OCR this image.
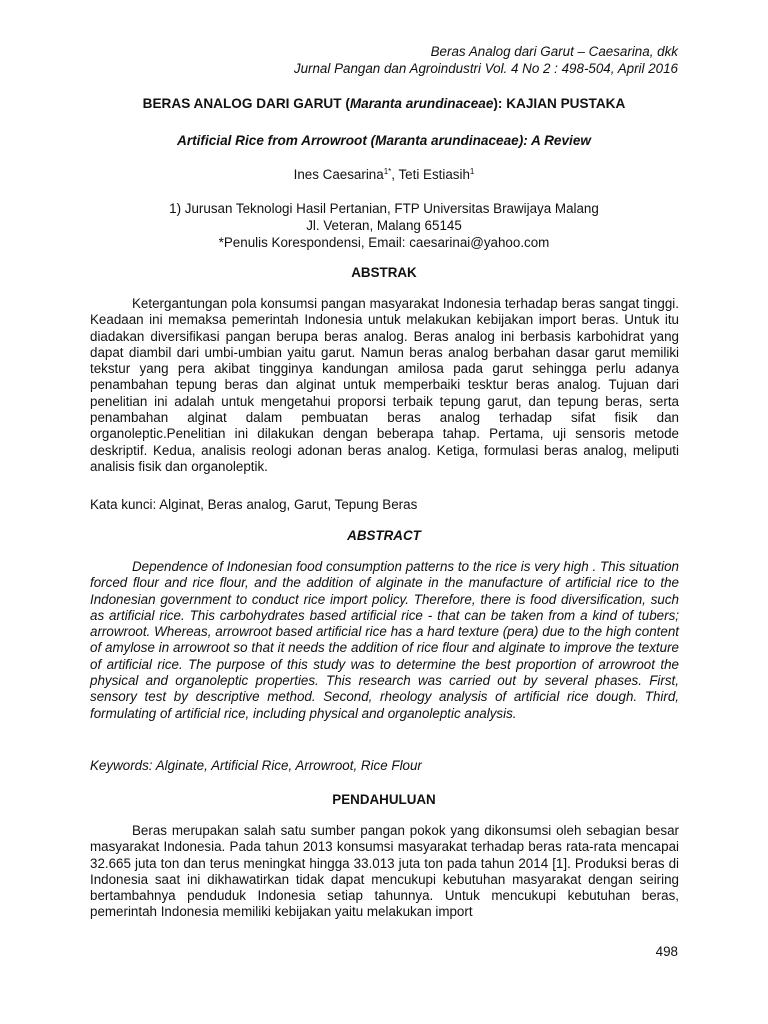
Beras Analog dari Garut – Caesarina, dkk
Jurnal Pangan dan Agroindustri Vol. 4 No 2 : 498-504, April 2016
BERAS ANALOG DARI GARUT (Maranta arundinaceae): KAJIAN PUSTAKA
Artificial Rice from Arrowroot (Maranta arundinaceae): A Review
Ines Caesarina$^{1*}$, Teti Estiasih$^1$
1) Jurusan Teknologi Hasil Pertanian, FTP Universitas Brawijaya Malang
Jl. Veteran, Malang 65145
*Penulis Korespondensi, Email: caesarinai@yahoo.com
ABSTRAK
Ketergantungan pola konsumsi pangan masyarakat Indonesia terhadap beras sangat tinggi. Keadaan ini memaksa pemerintah Indonesia untuk melakukan kebijakan import beras. Untuk itu diadakan diversifikasi pangan berupa beras analog. Beras analog ini berbasis karbohidrat yang dapat diambil dari umbi-umbian yaitu garut. Namun beras analog berbahan dasar garut memiliki tekstur yang pera akibat tingginya kandungan amilosa pada garut sehingga perlu adanya penambahan tepung beras dan alginat untuk memperbaiki tesktur beras analog. Tujuan dari penelitian ini adalah untuk mengetahui proporsi terbaik tepung garut, dan tepung beras, serta penambahan alginat dalam pembuatan beras analog terhadap sifat fisik dan organoleptic.Penelitian ini dilakukan dengan beberapa tahap. Pertama, uji sensoris metode deskriptif. Kedua, analisis reologi adonan beras analog. Ketiga, formulasi beras analog, meliputi analisis fisik dan organoleptik.
Kata kunci: Alginat, Beras analog, Garut, Tepung Beras
ABSTRACT
Dependence of Indonesian food consumption patterns to the rice is very high . This situation forced flour and rice flour, and the addition of alginate in the manufacture of artificial rice to the Indonesian government to conduct rice import policy. Therefore, there is food diversification, such as artificial rice. This carbohydrates based artificial rice - that can be taken from a kind of tubers; arrowroot. Whereas, arrowroot based artificial rice has a hard texture (pera) due to the high content of amylose in arrowroot so that it needs the addition of rice flour and alginate to improve the texture of artificial rice. The purpose of this study was to determine the best proportion of arrowroot the physical and organoleptic properties. This research was carried out by several phases. First, sensory test by descriptive method. Second, rheology analysis of artificial rice dough. Third, formulating of artificial rice, including physical and organoleptic analysis.
Keywords: Alginate, Artificial Rice, Arrowroot, Rice Flour
PENDAHULUAN
Beras merupakan salah satu sumber pangan pokok yang dikonsumsi oleh sebagian besar masyarakat Indonesia. Pada tahun 2013 konsumsi masyarakat terhadap beras rata-rata mencapai 32.665 juta ton dan terus meningkat hingga 33.013 juta ton pada tahun 2014 [1]. Produksi beras di Indonesia saat ini dikhawatirkan tidak dapat mencukupi kebutuhan masyarakat dengan seiring bertambahnya penduduk Indonesia setiap tahunnya. Untuk mencukupi kebutuhan beras, pemerintah Indonesia memiliki kebijakan yaitu melakukan import
498
